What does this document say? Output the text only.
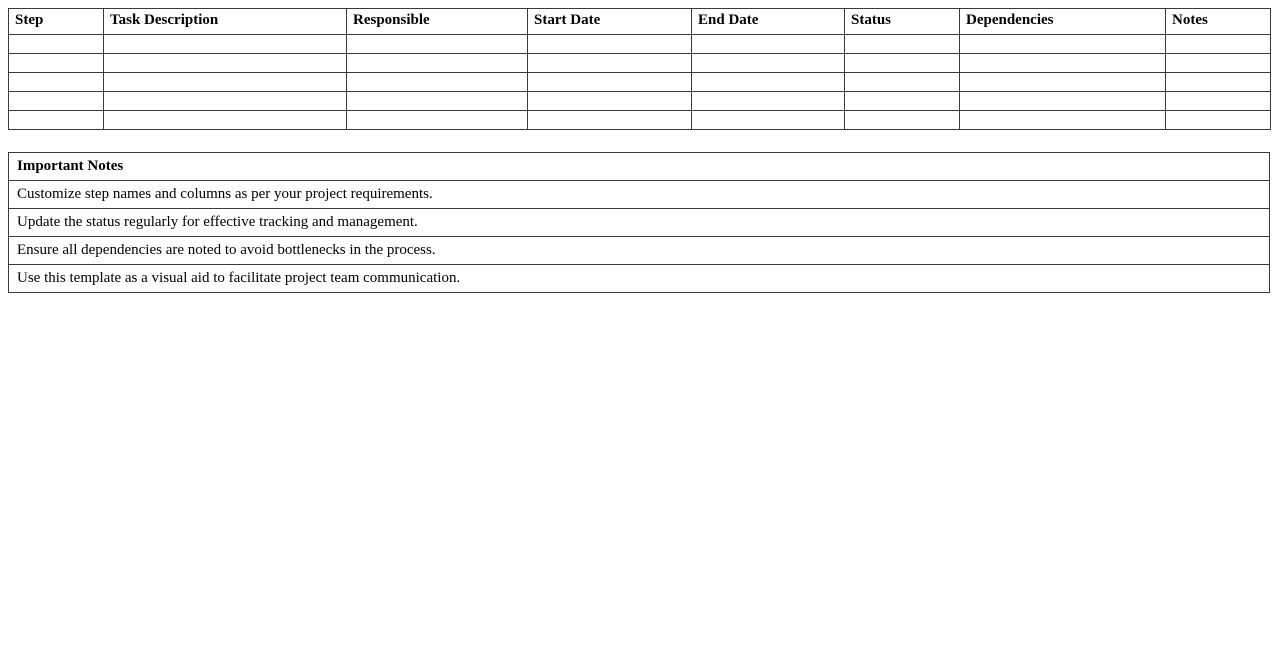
Step	Task Description	Responsible	Start Date	End Date	Status	Dependencies	Notes

Important Notes
Customize step names and columns as per your project requirements.
Update the status regularly for effective tracking and management.
Ensure all dependencies are noted to avoid bottlenecks in the process.
Use this template as a visual aid to facilitate project team communication.
